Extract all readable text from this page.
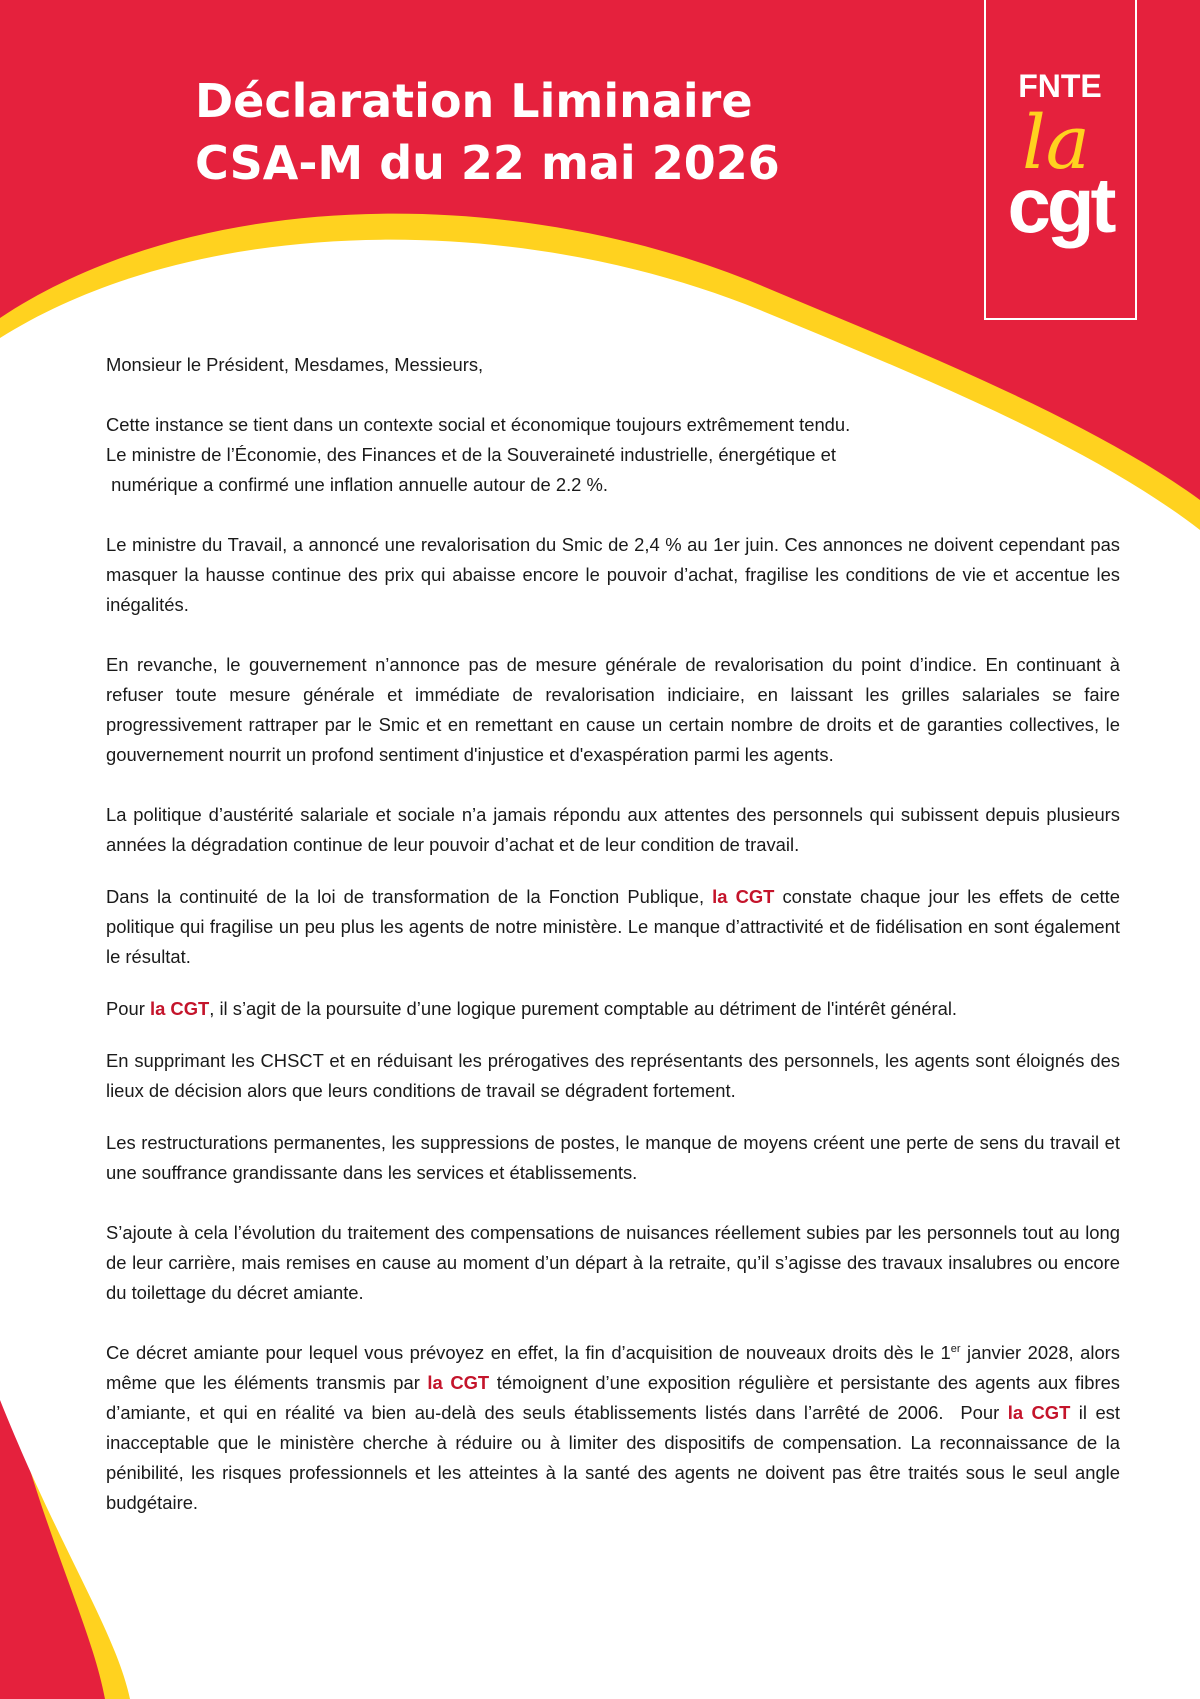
Déclaration Liminaire
CSA-M du 22 mai 2026
FNTE
la
cgt

Monsieur le Président, Mesdames, Messieurs,

Cette instance se tient dans un contexte social et économique toujours extrêmement tendu.
Le ministre de l’Économie, des Finances et de la Souveraineté industrielle, énergétique et
numérique a confirmé une inflation annuelle autour de 2.2 %.

Le ministre du Travail, a annoncé une revalorisation du Smic de 2,4 % au 1er juin. Ces annonces ne doivent cependant pas masquer la hausse continue des prix qui abaisse encore le pouvoir d’achat, fragilise les conditions de vie et accentue les inégalités.

En revanche, le gouvernement n’annonce pas de mesure générale de revalorisation du point d’indice. En continuant à refuser toute mesure générale et immédiate de revalorisation indiciaire, en laissant les grilles salariales se faire progressivement rattraper par le Smic et en remettant en cause un certain nombre de droits et de garanties collectives, le gouvernement nourrit un profond sentiment d'injustice et d'exaspération parmi les agents.

La politique d’austérité salariale et sociale n’a jamais répondu aux attentes des personnels qui subissent depuis plusieurs années la dégradation continue de leur pouvoir d’achat et de leur condition de travail.

Dans la continuité de la loi de transformation de la Fonction Publique, la CGT constate chaque jour les effets de cette politique qui fragilise un peu plus les agents de notre ministère. Le manque d’attractivité et de fidélisation en sont également le résultat.

Pour la CGT, il s’agit de la poursuite d’une logique purement comptable au détriment de l'intérêt général.

En supprimant les CHSCT et en réduisant les prérogatives des représentants des personnels, les agents sont éloignés des lieux de décision alors que leurs conditions de travail se dégradent fortement.

Les restructurations permanentes, les suppressions de postes, le manque de moyens créent une perte de sens du travail et une souffrance grandissante dans les services et établissements.

S’ajoute à cela l’évolution du traitement des compensations de nuisances réellement subies par les personnels tout au long de leur carrière, mais remises en cause au moment d’un départ à la retraite, qu’il s’agisse des travaux insalubres ou encore du toilettage du décret amiante.

Ce décret amiante pour lequel vous prévoyez en effet, la fin d’acquisition de nouveaux droits dès le 1er janvier 2028, alors même que les éléments transmis par la CGT témoignent d’une exposition régulière et persistante des agents aux fibres d’amiante, et qui en réalité va bien au-delà des seuls établissements listés dans l’arrêté de 2006.  Pour la CGT il est inacceptable que le ministère cherche à réduire ou à limiter des dispositifs de compensation. La reconnaissance de la pénibilité, les risques professionnels et les atteintes à la santé des agents ne doivent pas être traités sous le seul angle budgétaire.
